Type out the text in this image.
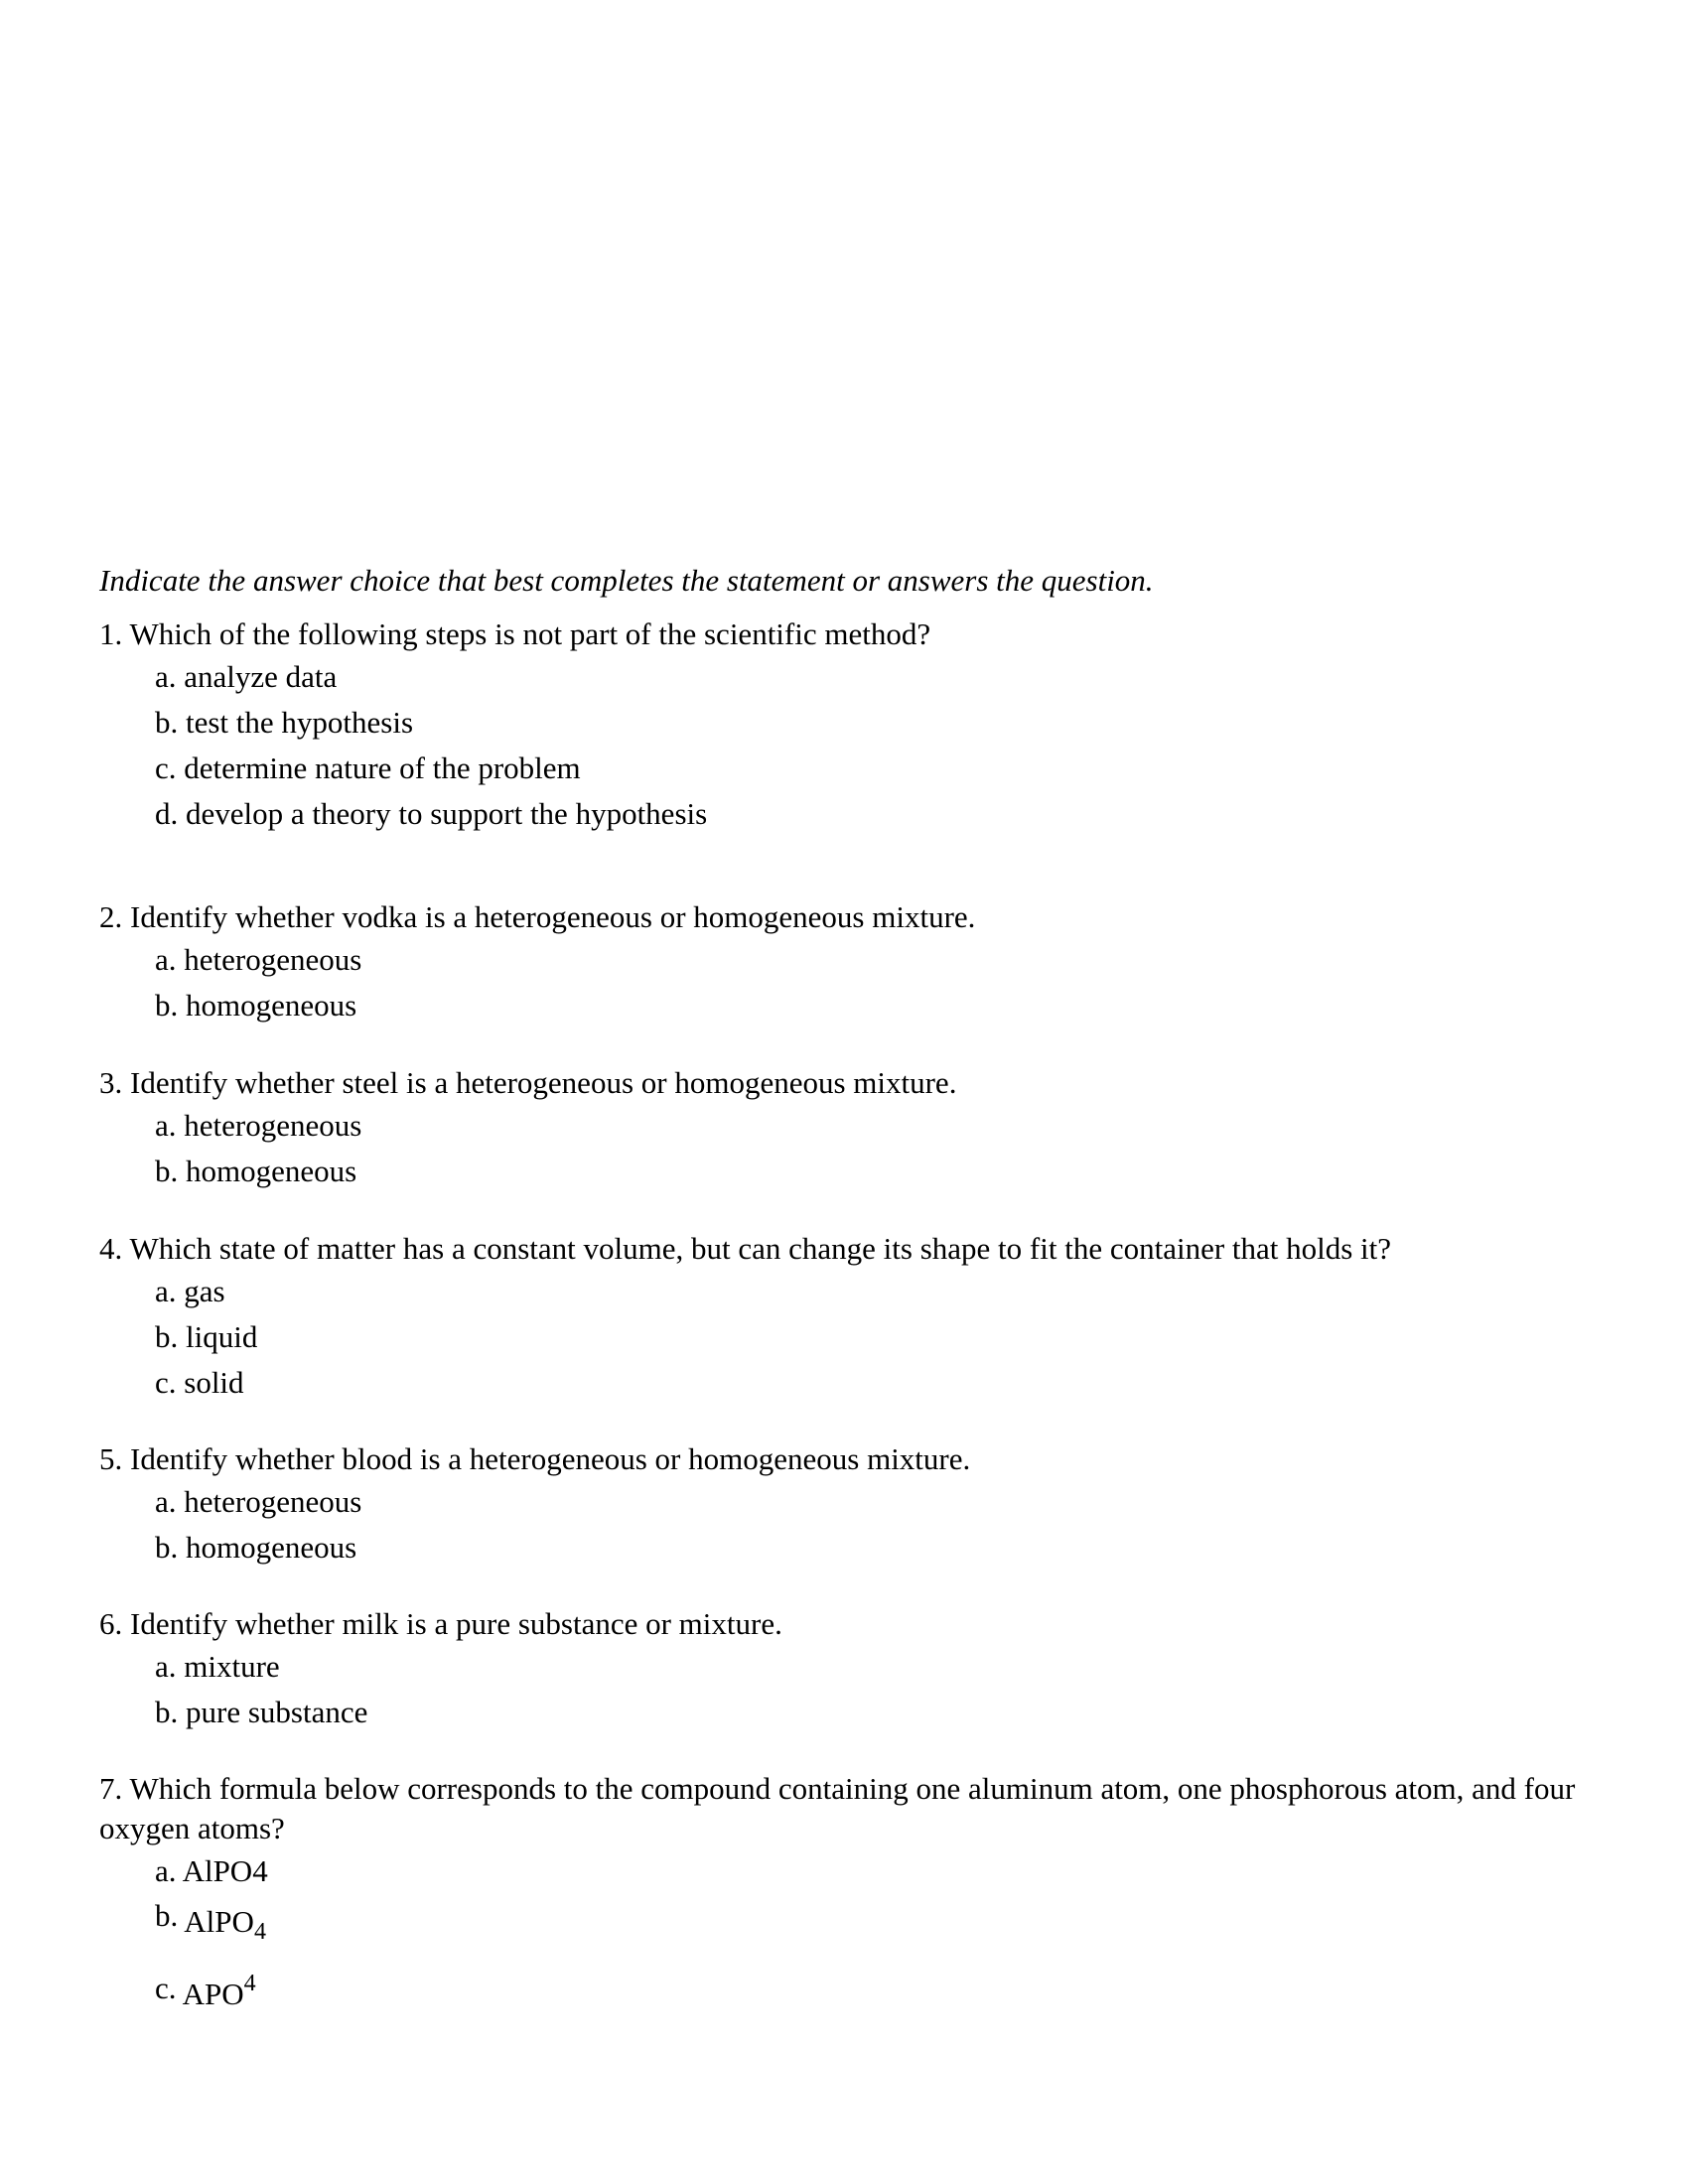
Indicate the answer choice that best completes the statement or answers the question.
1. Which of the following steps is not part of the scientific method?
a. analyze data
b. test the hypothesis
c. determine nature of the problem
d. develop a theory to support the hypothesis
2. Identify whether vodka is a heterogeneous or homogeneous mixture.
a. heterogeneous
b. homogeneous
3. Identify whether steel is a heterogeneous or homogeneous mixture.
a. heterogeneous
b. homogeneous
4. Which state of matter has a constant volume, but can change its shape to fit the container that holds it?
a. gas
b. liquid
c. solid
5. Identify whether blood is a heterogeneous or homogeneous mixture.
a. heterogeneous
b. homogeneous
6. Identify whether milk is a pure substance or mixture.
a. mixture
b. pure substance
7. Which formula below corresponds to the compound containing one aluminum atom, one phosphorous atom, and four oxygen atoms?
a. AlPO4
b. AlPO$_4$
c. APO$^4$
